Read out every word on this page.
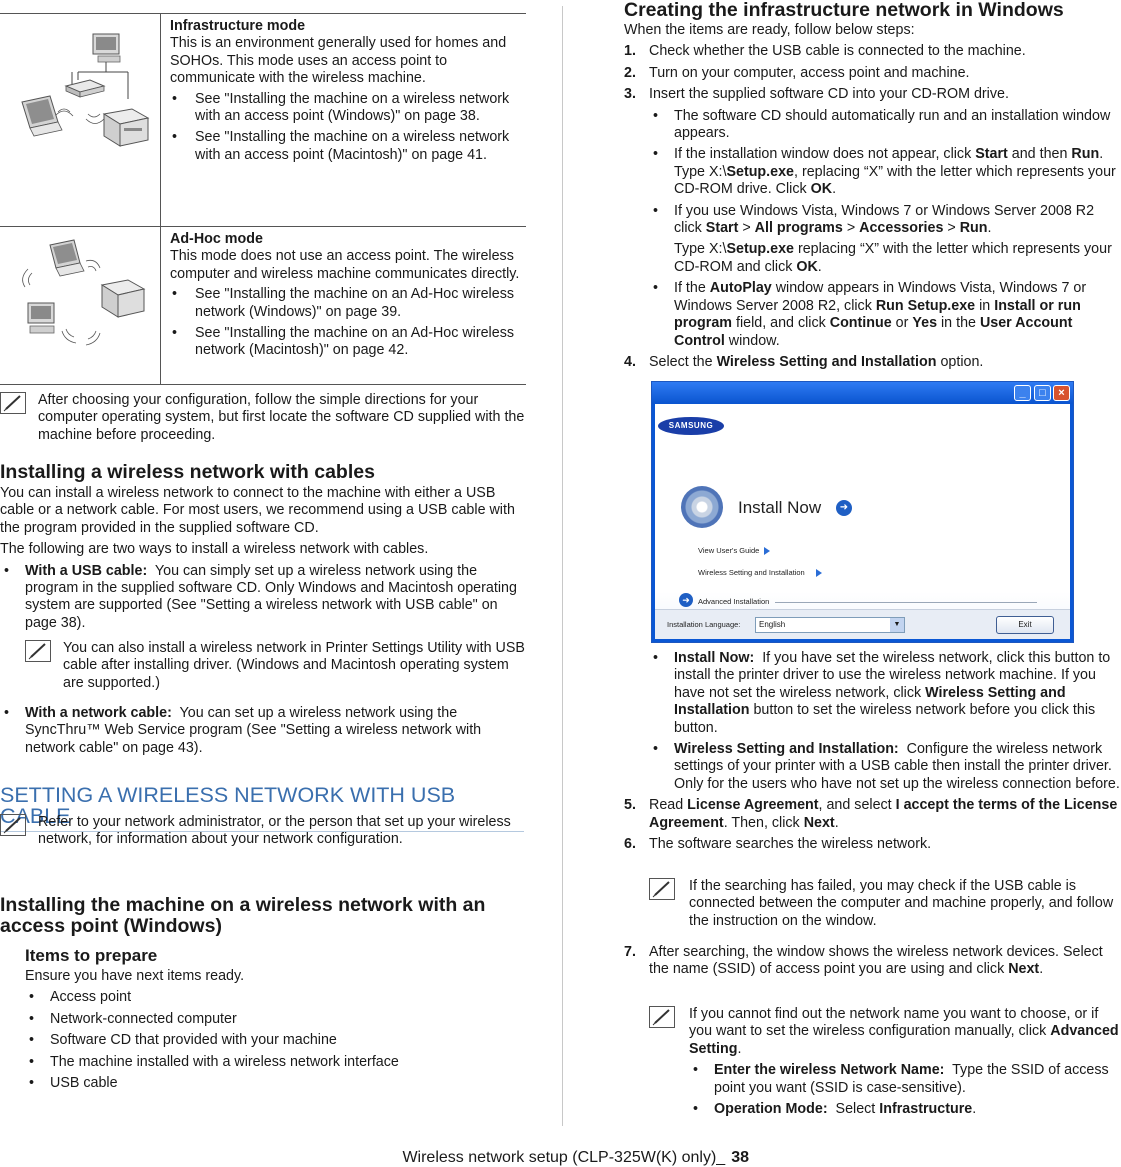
Infrastructure mode
This is an environment generally used for homes and SOHOs. This mode uses an access point to communicate with the wireless machine.
• See "Installing the machine on a wireless network with an access point (Windows)" on page 38.
• See "Installing the machine on a wireless network with an access point (Macintosh)" on page 41.
Ad-Hoc mode
This mode does not use an access point. The wireless computer and wireless machine communicates directly.
• See "Installing the machine on an Ad-Hoc wireless network (Windows)" on page 39.
• See "Installing the machine on an Ad-Hoc wireless network (Macintosh)" on page 42.
After choosing your configuration, follow the simple directions for your computer operating system, but first locate the software CD supplied with the machine before proceeding.
Installing a wireless network with cables
You can install a wireless network to connect to the machine with either a USB cable or a network cable. For most users, we recommend using a USB cable with the program provided in the supplied software CD.
The following are two ways to install a wireless network with cables.
• With a USB cable: You can simply set up a wireless network using the program in the supplied software CD. Only Windows and Macintosh operating system are supported (See "Setting a wireless network with USB cable" on page 38).
You can also install a wireless network in Printer Settings Utility with USB cable after installing driver. (Windows and Macintosh operating system are supported.)
• With a network cable: You can set up a wireless network using the SyncThru™ Web Service program (See "Setting a wireless network with network cable" on page 43).
SETTING A WIRELESS NETWORK WITH USB
CABLE
Refer to your network administrator, or the person that set up your wireless network, for information about your network configuration.
Installing the machine on a wireless network with an
access point (Windows)
Items to prepare
Ensure you have next items ready.
• Access point
• Network-connected computer
• Software CD that provided with your machine
• The machine installed with a wireless network interface
• USB cable
Creating the infrastructure network in Windows
When the items are ready, follow below steps:
1. Check whether the USB cable is connected to the machine.
2. Turn on your computer, access point and machine.
3. Insert the supplied software CD into your CD-ROM drive.
• The software CD should automatically run and an installation window appears.
• If the installation window does not appear, click Start and then Run. Type X:\Setup.exe, replacing “X” with the letter which represents your CD-ROM drive. Click OK.
• If you use Windows Vista, Windows 7 or Windows Server 2008 R2 click Start > All programs > Accessories > Run.
Type X:\Setup.exe replacing “X” with the letter which represents your CD-ROM and click OK.
• If the AutoPlay window appears in Windows Vista, Windows 7 or Windows Server 2008 R2, click Run Setup.exe in Install or run program field, and click Continue or Yes in the User Account Control window.
4. Select the Wireless Setting and Installation option.
_	□	×
SAMSUNG
Install Now	➜
View User's Guide
Wireless Setting and Installation
➜	Advanced Installation
Installation Language:	English	▼	Exit
• Install Now: If you have set the wireless network, click this button to install the printer driver to use the wireless network machine. If you have not set the wireless network, click Wireless Setting and Installation button to set the wireless network before you click this button.
• Wireless Setting and Installation: Configure the wireless network settings of your printer with a USB cable then install the printer driver. Only for the users who have not set up the wireless connection before.
5. Read License Agreement, and select I accept the terms of the License Agreement. Then, click Next.
6. The software searches the wireless network.
If the searching has failed, you may check if the USB cable is connected between the computer and machine properly, and follow the instruction on the window.
7. After searching, the window shows the wireless network devices. Select the name (SSID) of access point you are using and click Next.
If you cannot find out the network name you want to choose, or if you want to set the wireless configuration manually, click Advanced Setting.
• Enter the wireless Network Name: Type the SSID of access point you want (SSID is case-sensitive).
• Operation Mode: Select Infrastructure.
Wireless network setup (CLP-325W(K) only)_ 38
